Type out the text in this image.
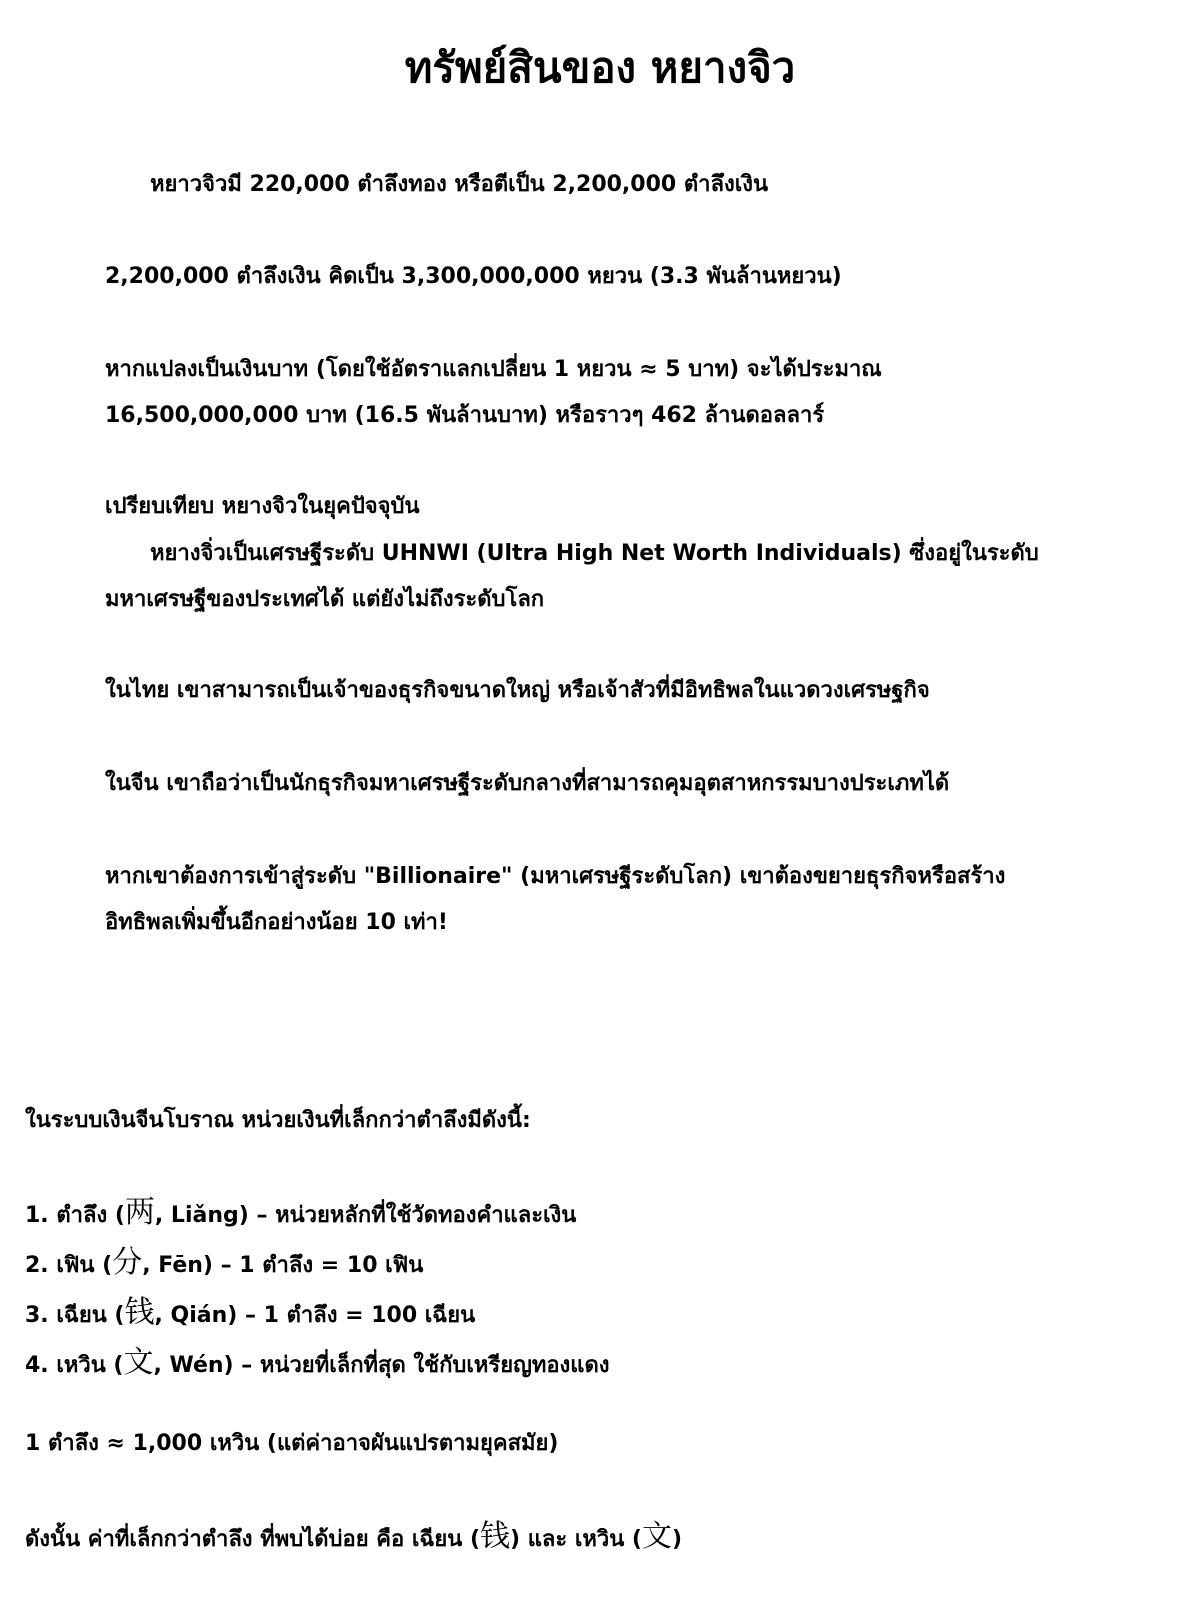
ทรัพย์สินของ หยางจิว

หยาวจิวมี 220,000 ตำลึงทอง หรือตีเป็น 2,200,000 ตำลึงเงิน

2,200,000 ตำลึงเงิน คิดเป็น 3,300,000,000 หยวน (3.3 พันล้านหยวน)

หากแปลงเป็นเงินบาท (โดยใช้อัตราแลกเปลี่ยน 1 หยวน ≈ 5 บาท) จะได้ประมาณ
16,500,000,000 บาท (16.5 พันล้านบาท) หรือราวๆ 462 ล้านดอลลาร์

เปรียบเทียบ หยางจิวในยุคปัจจุบัน

หยางจิ่วเป็นเศรษฐีระดับ UHNWI (Ultra High Net Worth Individuals) ซึ่งอยู่ในระดับ
มหาเศรษฐีของประเทศได้ แต่ยังไม่ถึงระดับโลก

ในไทย เขาสามารถเป็นเจ้าของธุรกิจขนาดใหญ่ หรือเจ้าสัวที่มีอิทธิพลในแวดวงเศรษฐกิจ

ในจีน เขาถือว่าเป็นนักธุรกิจมหาเศรษฐีระดับกลางที่สามารถคุมอุตสาหกรรมบางประเภทได้

หากเขาต้องการเข้าสู่ระดับ "Billionaire" (มหาเศรษฐีระดับโลก) เขาต้องขยายธุรกิจหรือสร้าง
อิทธิพลเพิ่มขึ้นอีกอย่างน้อย 10 เท่า!

ในระบบเงินจีนโบราณ หน่วยเงินที่เล็กกว่าตำลึงมีดังนี้:

1. ตำลึง (两, Liǎng) – หน่วยหลักที่ใช้วัดทองคำและเงิน
2. เฟิน (分, Fēn) – 1 ตำลึง = 10 เฟิน
3. เฉียน (钱, Qián) – 1 ตำลึง = 100 เฉียน
4. เหวิน (文, Wén) – หน่วยที่เล็กที่สุด ใช้กับเหรียญทองแดง

1 ตำลึง ≈ 1,000 เหวิน (แต่ค่าอาจผันแปรตามยุคสมัย)

ดังนั้น ค่าที่เล็กกว่าตำลึง ที่พบได้บ่อย คือ เฉียน (钱) และ เหวิน (文)
